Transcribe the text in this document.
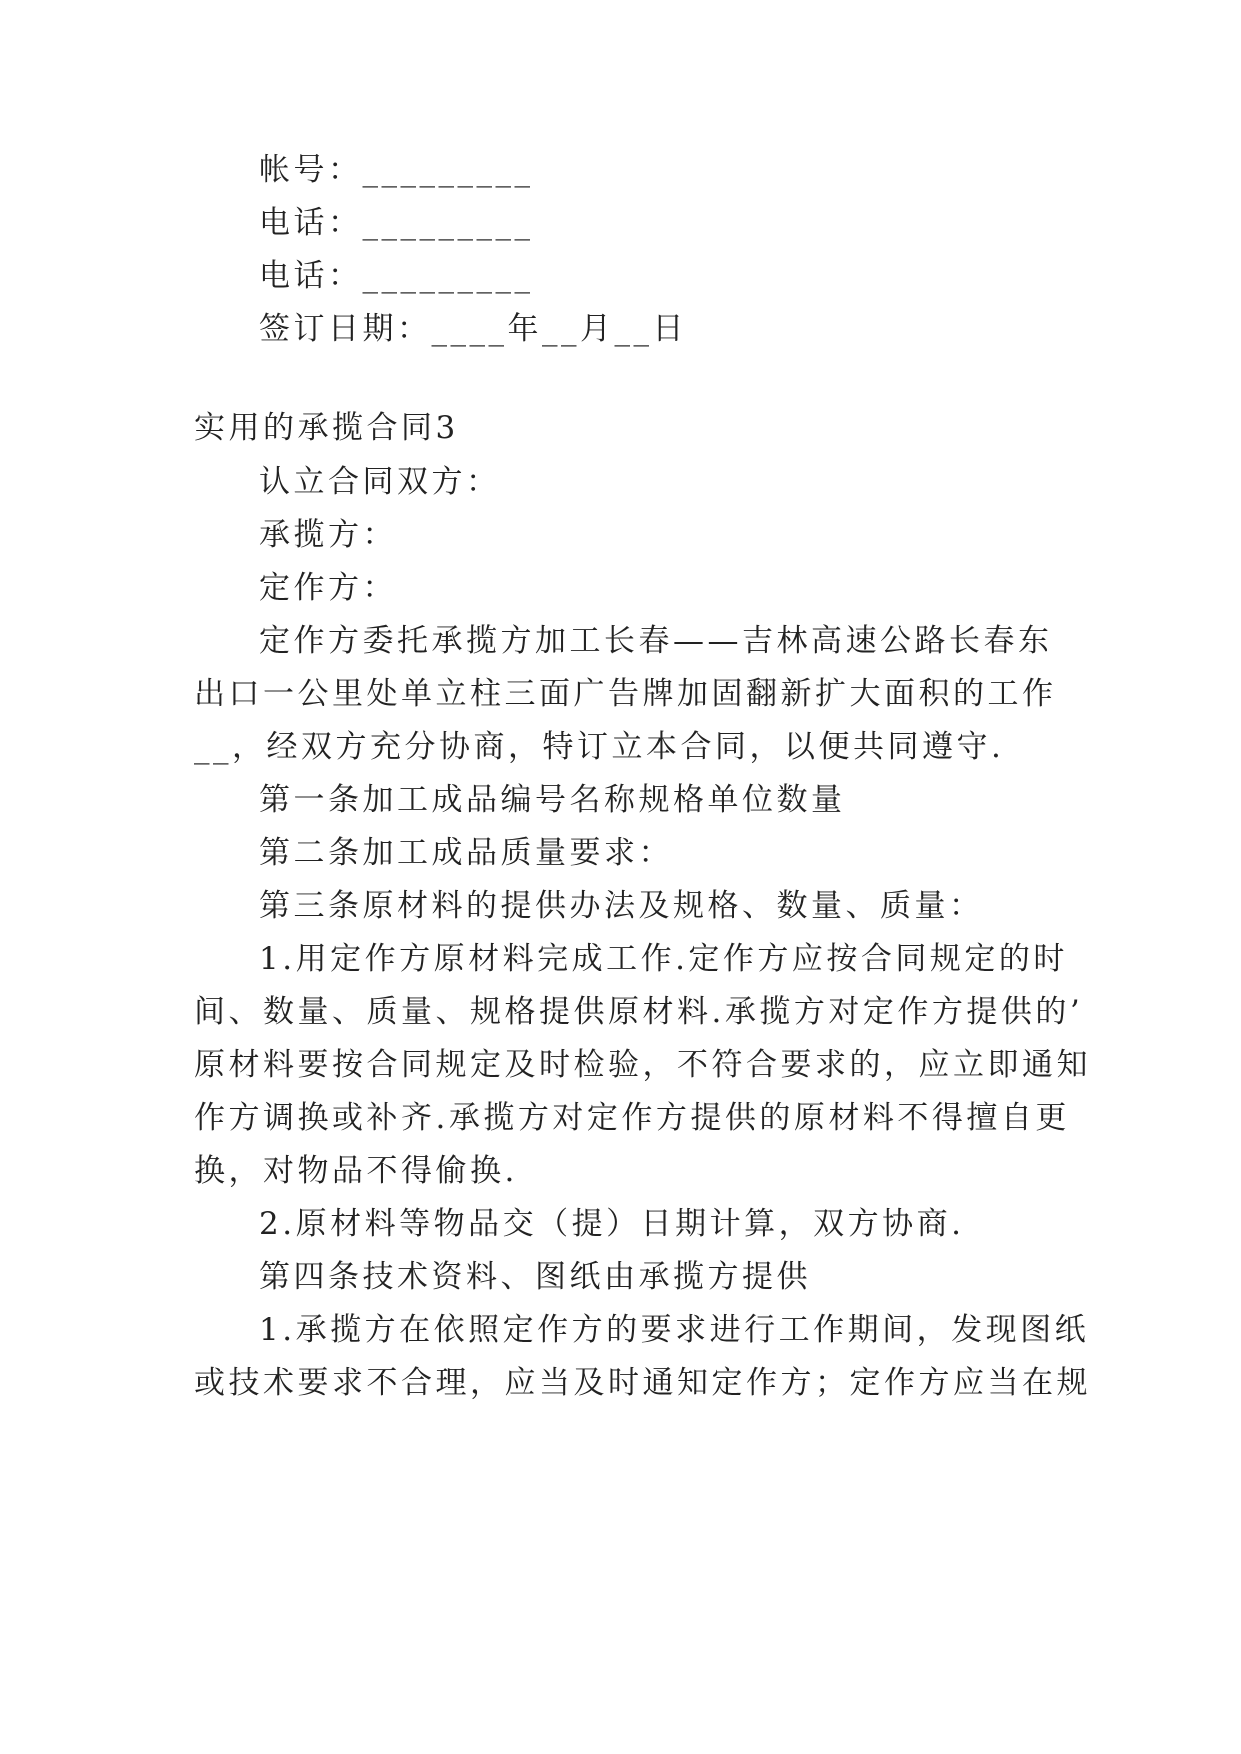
帐号：_________
电话：_________
电话：_________
签订日期：____年__月__日
实用的承揽合同3
认立合同双方：
承揽方：
定作方：
定作方委托承揽方加工长春——吉林高速公路长春东
出口一公里处单立柱三面广告牌加固翻新扩大面积的工作
__，经双方充分协商，特订立本合同，以便共同遵守.
第一条加工成品编号名称规格单位数量
第二条加工成品质量要求：
第三条原材料的提供办法及规格、数量、质量：
1.用定作方原材料完成工作.定作方应按合同规定的时
间、数量、质量、规格提供原材料.承揽方对定作方提供的’
原材料要按合同规定及时检验，不符合要求的，应立即通知
作方调换或补齐.承揽方对定作方提供的原材料不得擅自更
换，对物品不得偷换.
2.原材料等物品交（提）日期计算，双方协商.
第四条技术资料、图纸由承揽方提供
1.承揽方在依照定作方的要求进行工作期间，发现图纸
或技术要求不合理，应当及时通知定作方；定作方应当在规
